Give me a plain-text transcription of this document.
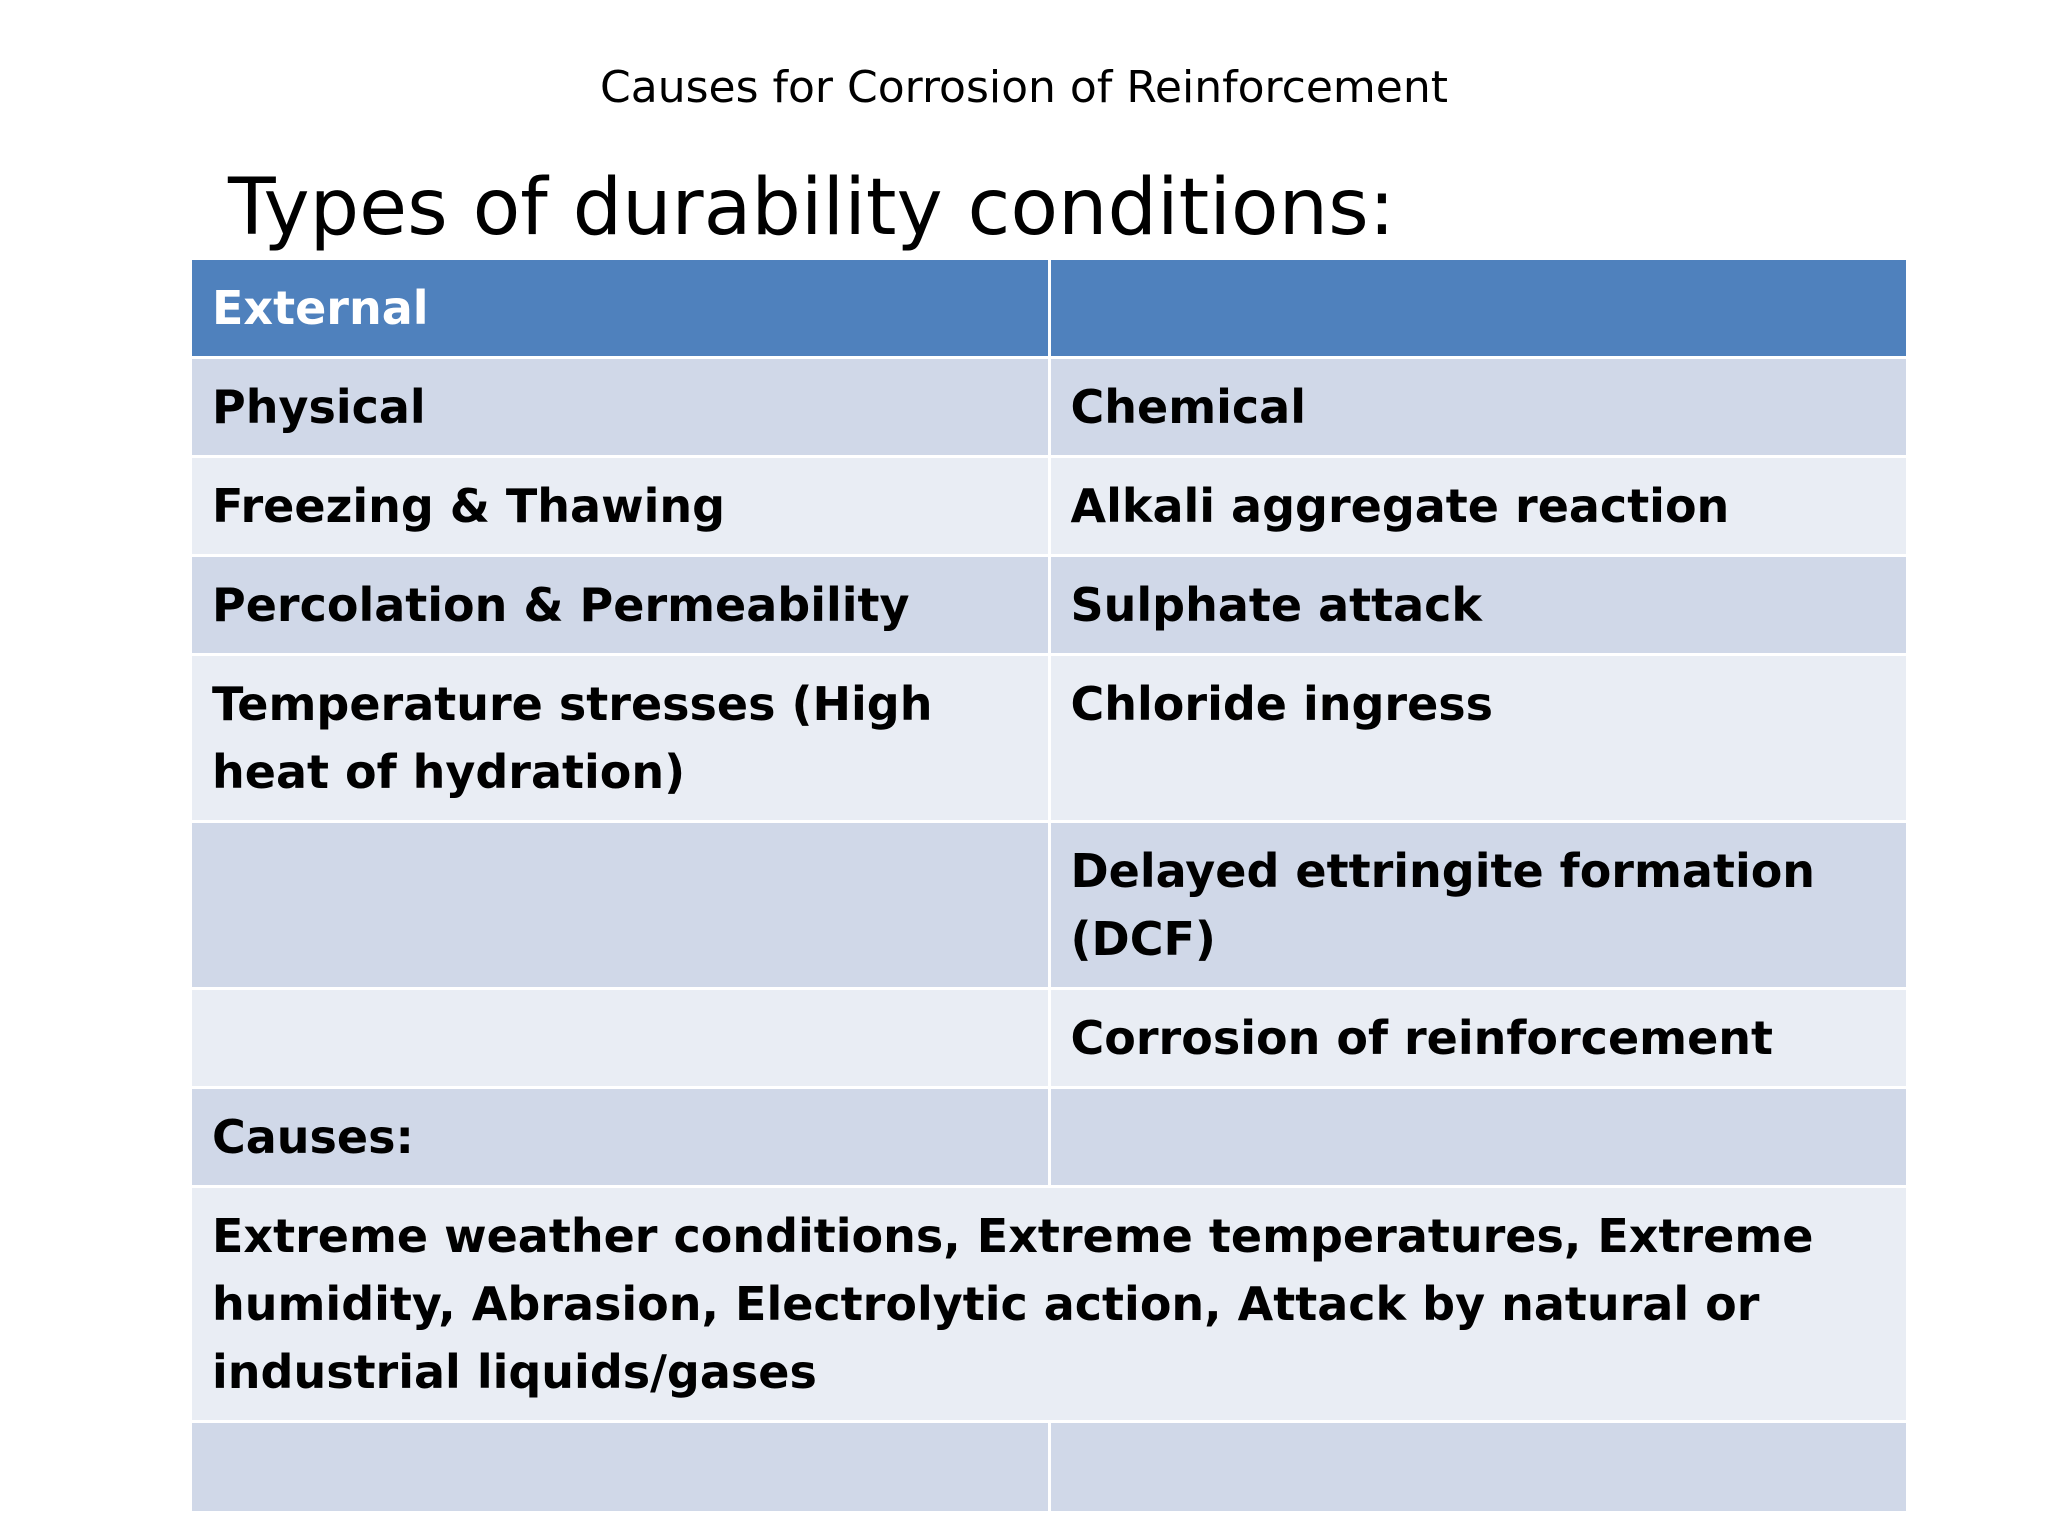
Causes for Corrosion of Reinforcement
Types of durability conditions:
External	
Physical	Chemical
Freezing & Thawing	Alkali aggregate reaction
Percolation & Permeability	Sulphate attack
Temperature stresses (High heat of hydration)	Chloride ingress
	Delayed ettringite formation (DCF)
	Corrosion of reinforcement
Causes:	
Extreme weather conditions, Extreme temperatures, Extreme humidity, Abrasion, Electrolytic action, Attack by natural or industrial liquids/gases	
